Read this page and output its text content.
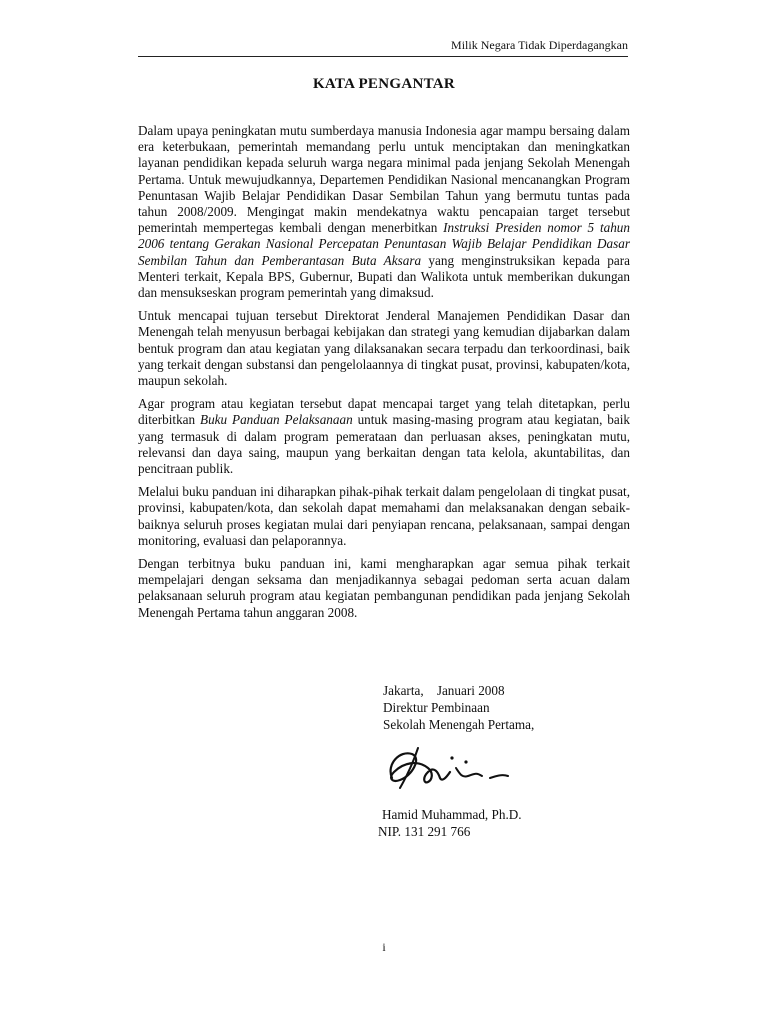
Milik Negara Tidak Diperdagangkan
KATA PENGANTAR

Dalam upaya peningkatan mutu sumberdaya manusia Indonesia agar mampu bersaing dalam era keterbukaan, pemerintah memandang perlu untuk menciptakan dan meningkatkan layanan pendidikan kepada seluruh warga negara minimal pada jenjang Sekolah Menengah Pertama. Untuk mewujudkannya, Departemen Pendidikan Nasional mencanangkan Program Penuntasan Wajib Belajar Pendidikan Dasar Sembilan Tahun yang bermutu tuntas pada tahun 2008/2009. Mengingat makin mendekatnya waktu pencapaian target tersebut pemerintah mempertegas kembali dengan menerbitkan Instruksi Presiden nomor 5 tahun 2006 tentang Gerakan Nasional Percepatan Penuntasan Wajib Belajar Pendidikan Dasar Sembilan Tahun dan Pemberantasan Buta Aksara yang menginstruksikan kepada para Menteri terkait, Kepala BPS, Gubernur, Bupati dan Walikota untuk memberikan dukungan dan mensukseskan program pemerintah yang dimaksud.

Untuk mencapai tujuan tersebut Direktorat Jenderal Manajemen Pendidikan Dasar dan Menengah telah menyusun berbagai kebijakan dan strategi yang kemudian dijabarkan dalam bentuk program dan atau kegiatan yang dilaksanakan secara terpadu dan terkoordinasi, baik yang terkait dengan substansi dan pengelolaannya di tingkat pusat, provinsi, kabupaten/kota, maupun sekolah.

Agar program atau kegiatan tersebut dapat mencapai target yang telah ditetapkan, perlu diterbitkan Buku Panduan Pelaksanaan untuk masing-masing program atau kegiatan, baik yang termasuk di dalam program pemerataan dan perluasan akses, peningkatan mutu, relevansi dan daya saing, maupun yang berkaitan dengan tata kelola, akuntabilitas, dan pencitraan publik.

Melalui buku panduan ini diharapkan pihak-pihak terkait dalam pengelolaan di tingkat pusat, provinsi, kabupaten/kota, dan sekolah dapat memahami dan melaksanakan dengan sebaik-baiknya seluruh proses kegiatan mulai dari penyiapan rencana, pelaksanaan, sampai dengan monitoring, evaluasi dan pelaporannya.

Dengan terbitnya buku panduan ini, kami mengharapkan agar semua pihak terkait mempelajari dengan seksama dan menjadikannya sebagai pedoman serta acuan dalam pelaksanaan seluruh program atau kegiatan pembangunan pendidikan pada jenjang Sekolah Menengah Pertama tahun anggaran 2008.

Jakarta,    Januari 2008
Direktur Pembinaan
Sekolah Menengah Pertama,
Hamid Muhammad, Ph.D.
NIP. 131 291 766
i
